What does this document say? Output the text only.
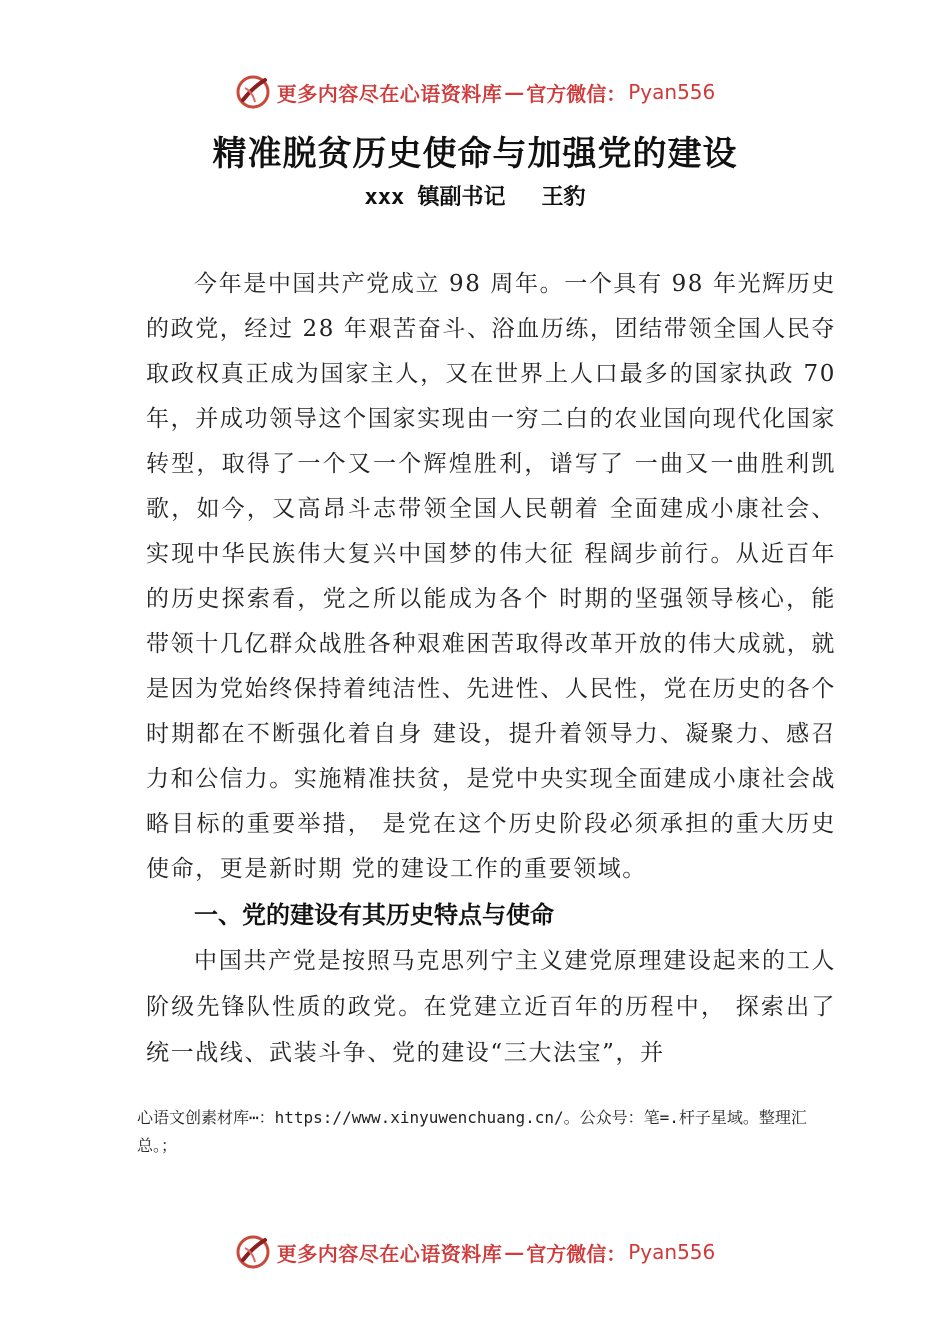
更多内容尽在心语资料库 — 官方微信： Pyan556
精准脱贫历史使命与加强党的建设
xxx 镇副书记 王豹

今年是中国共产党成立 98 周年。一个具有 98 年光辉历史的政党，经过 28 年艰苦奋斗、浴血历练，团结带领全国人民夺取政权真正成为国家主人，又在世界上人口最多的国家执政 70 年，并成功领导这个国家实现由一穷二白的农业国向现代化国家转型，取得了一个又一个辉煌胜利，谱写了 一曲又一曲胜利凯歌，如今，又高昂斗志带领全国人民朝着 全面建成小康社会、实现中华民族伟大复兴中国梦的伟大征 程阔步前行。从近百年的历史探索看，党之所以能成为各个 时期的坚强领导核心，能带领十几亿群众战胜各种艰难困苦取得改革开放的伟大成就，就是因为党始终保持着纯洁性、先进性、人民性，党在历史的各个时期都在不断强化着自身 建设，提升着领导力、凝聚力、感召力和公信力。实施精准扶贫，是党中央实现全面建成小康社会战略目标的重要举措， 是党在这个历史阶段必须承担的重大历史使命，更是新时期 党的建设工作的重要领域。

一、党的建设有其历史特点与使命

中国共产党是按照马克思列宁主义建党原理建设起来的工人阶级先锋队性质的政党。在党建立近百年的历程中， 探索出了统一战线、武装斗争、党的建设“三大法宝”，并

心语文创素材库⋯：https://www.xinyuwenchuang.cn/。公众号：笔=.杆子星域。整理汇总。；
更多内容尽在心语资料库 — 官方微信： Pyan556
